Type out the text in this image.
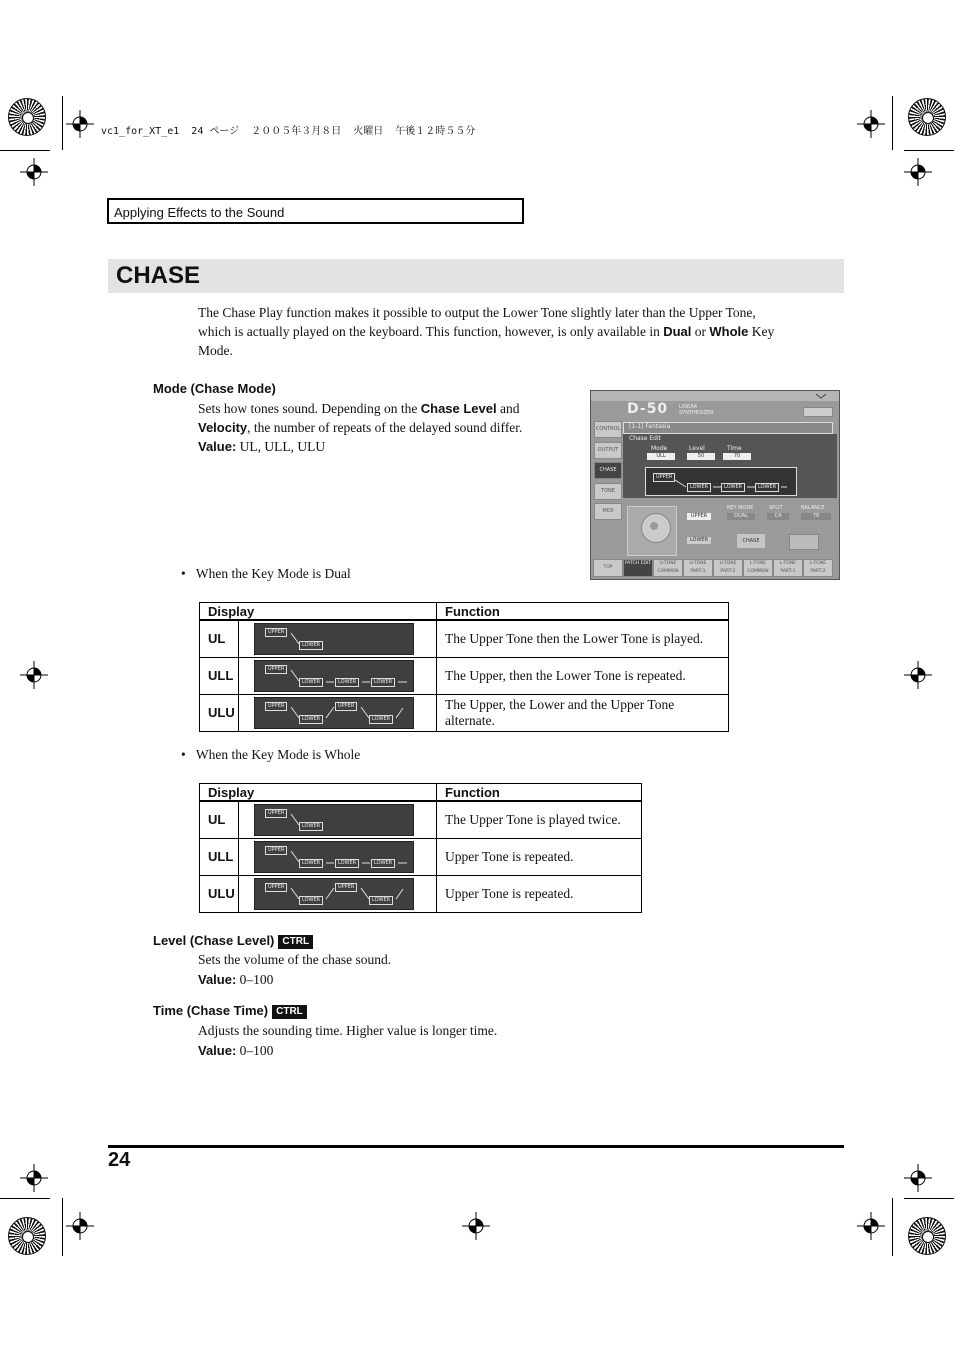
vc1_for_XT_e1  24 ページ  ２００５年３月８日  火曜日  午後１２時５５分
Applying Effects to the Sound
CHASE
The Chase Play function makes it possible to output the Lower Tone slightly later than the Upper Tone,
which is actually played on the keyboard. This function, however, is only available in Dual or Whole Key
Mode.
Mode (Chase Mode)
Sets how tones sound. Depending on the Chase Level and
Velocity, the number of repeats of the delayed sound differ.
Value: UL, ULL, ULU
D-50 LINEAR
SYNTHESIZER
[1-1] Fantasia
CONTROL
OUTPUT
CHASE
TONE
MIDI
Chase Edit
Mode	Level	Time
ULL	50	70
UPPER
LOWER	LOWER	LOWER
UPPER
LOWER
KEY MODE	SPLIT	BALANCE
DUAL	C4	78
CHASE
TOP
PATCH EDIT	U-TONE COMMON
U-TONE PART-1
U-TONE PART-2
L-TONE COMMON
L-TONE PART-1
L-TONE PART-2
•   When the Key Mode is Dual
Display	Function

UL UPPER
LOWER	The Upper Tone then the Lower Tone is played.

ULL UPPER
LOWER LOWER LOWER	The Upper, then the Lower Tone is repeated.

ULU UPPER
LOWER
UPPER
LOWER	The Upper, the Lower and the Upper Tone alternate.
•   When the Key Mode is Whole
Display	Function

UL UPPER
LOWER	The Upper Tone is played twice.

ULL UPPER
LOWER LOWER LOWER	Upper Tone is repeated.

ULU UPPER
LOWER
UPPER
LOWER	Upper Tone is repeated.
Level (Chase Level) CTRL
Sets the volume of the chase sound.
Value: 0–100
Time (Chase Time) CTRL
Adjusts the sounding time. Higher value is longer time.
Value: 0–100
24
